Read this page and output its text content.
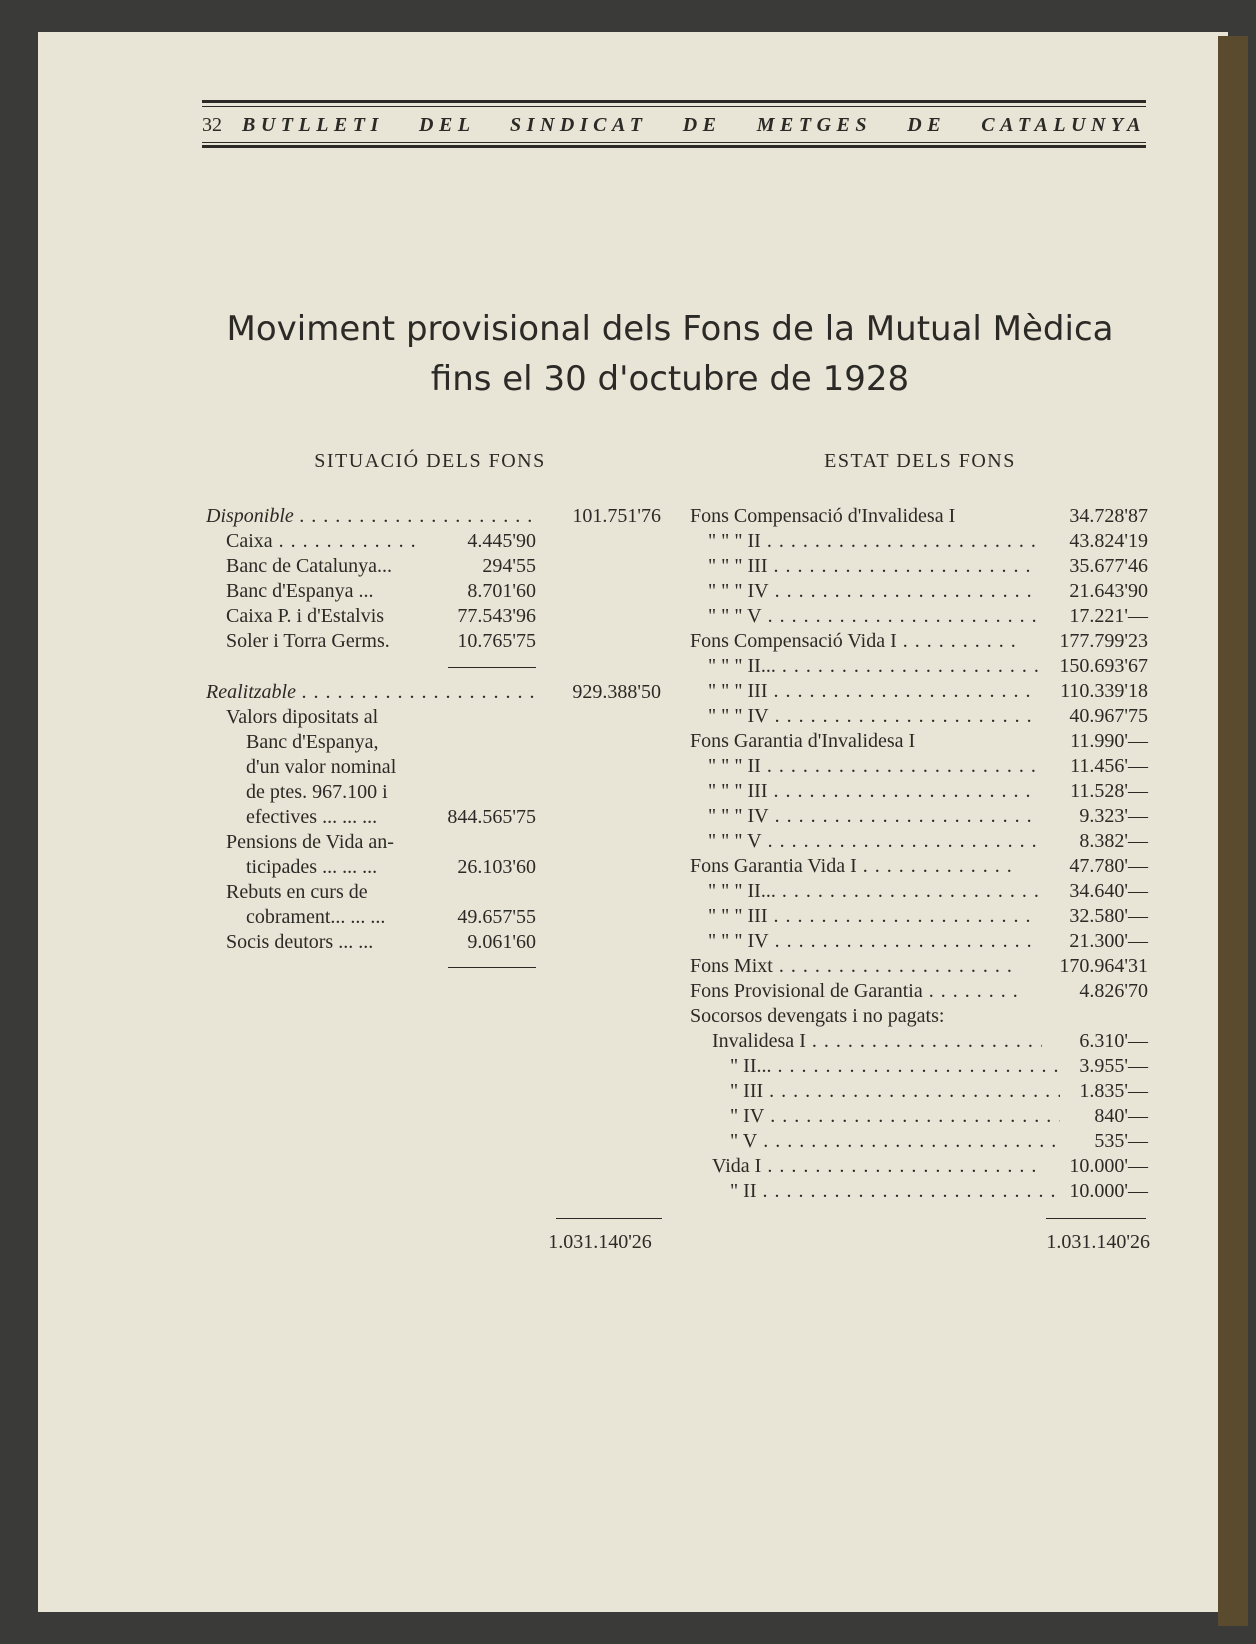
32 BUTLLETI DEL SINDICAT DE METGES DE CATALUNYA
Moviment provisional dels Fons de la Mutual Mèdica
fins el 30 d'octubre de 1928
SITUACIÓ DELS FONS	ESTAT DELS FONS
Disponible . . .	101.751'76
Caixa . . .	4.445'90
Banc de Catalunya...	294'55
Banc d'Espanya ...	8.701'60
Caixa P. i d'Estalvis	77.543'96
Soler i Torra Germs.	10.765'75
Realitzable . . .	929.388'50
Valors dipositats al
Banc d'Espanya,
d'un valor nominal
de ptes. 967.100 i
efectives ... ... ...	844.565'75
Pensions de Vida an-
ticipades ... ... ...	26.103'60
Rebuts en curs de
cobrament... ... ...	49.657'55
Socis deutors ... ...	9.061'60
1.031.140'26
Fons Compensació d'Invalidesa I	34.728'87
" " " II . . .	43.824'19
" " " III . . .	35.677'46
" " " IV . . .	21.643'90
" " " V . . .	17.221'—
Fons Compensació Vida I . . .	177.799'23
" " " II... . . .	150.693'67
" " " III . . .	110.339'18
" " " IV . . .	40.967'75
Fons Garantia d'Invalidesa I	11.990'—
" " " II . . .	11.456'—
" " " III . . .	11.528'—
" " " IV . . .	9.323'—
" " " V . . .	8.382'—
Fons Garantia Vida I . . .	47.780'—
" " " II... . . .	34.640'—
" " " III . . .	32.580'—
" " " IV . . .	21.300'—
Fons Mixt . . .	170.964'31
Fons Provisional de Garantia . . .	4.826'70
Socorsos devengats i no pagats:
Invalidesa I . . .	6.310'—
" II... . . .	3.955'—
" III . . .	1.835'—
" IV . . .	840'—
" V . . .	535'—
Vida I . . .	10.000'—
" II . . .	10.000'—
1.031.140'26
